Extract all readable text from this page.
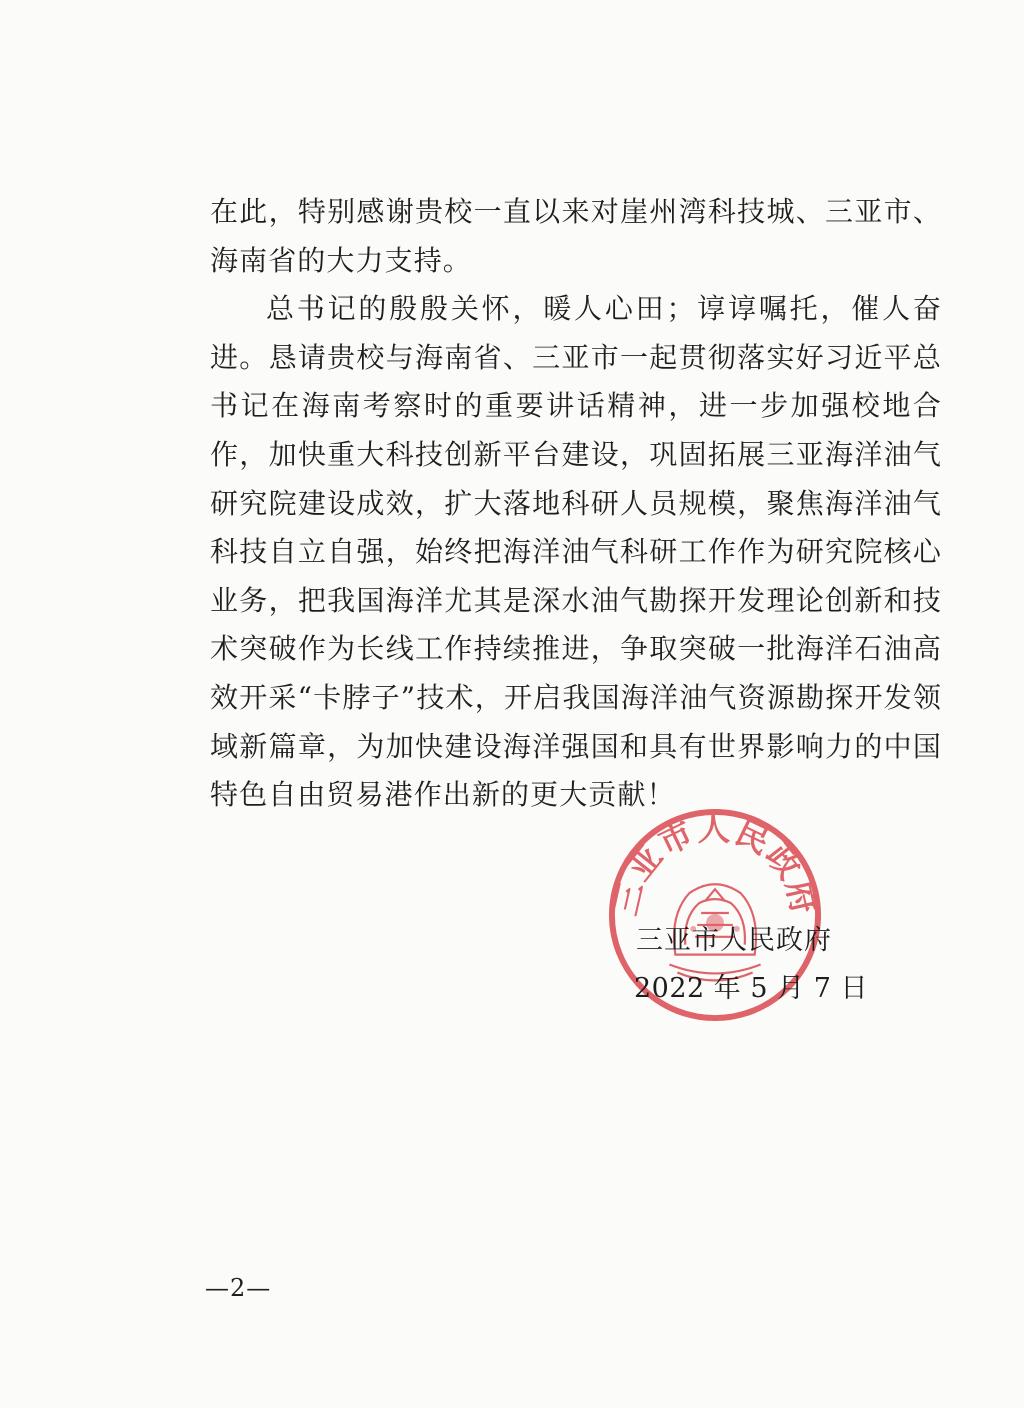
在此，特别感谢贵校一直以来对崖州湾科技城、三亚市、海南省的大力支持。

总书记的殷殷关怀，暖人心田；谆谆嘱托，催人奋进。恳请贵校与海南省、三亚市一起贯彻落实好习近平总书记在海南考察时的重要讲话精神，进一步加强校地合作，加快重大科技创新平台建设，巩固拓展三亚海洋油气研究院建设成效，扩大落地科研人员规模，聚焦海洋油气科技自立自强，始终把海洋油气科研工作作为研究院核心业务，把我国海洋尤其是深水油气勘探开发理论创新和技术突破作为长线工作持续推进，争取突破一批海洋石油高效开采“卡脖子”技术，开启我国海洋油气资源勘探开发领域新篇章，为加快建设海洋强国和具有世界影响力的中国特色自由贸易港作出新的更大贡献！

三亚市人民政府
三亚市人民政府
2022 年 5 月 7 日
—2—
